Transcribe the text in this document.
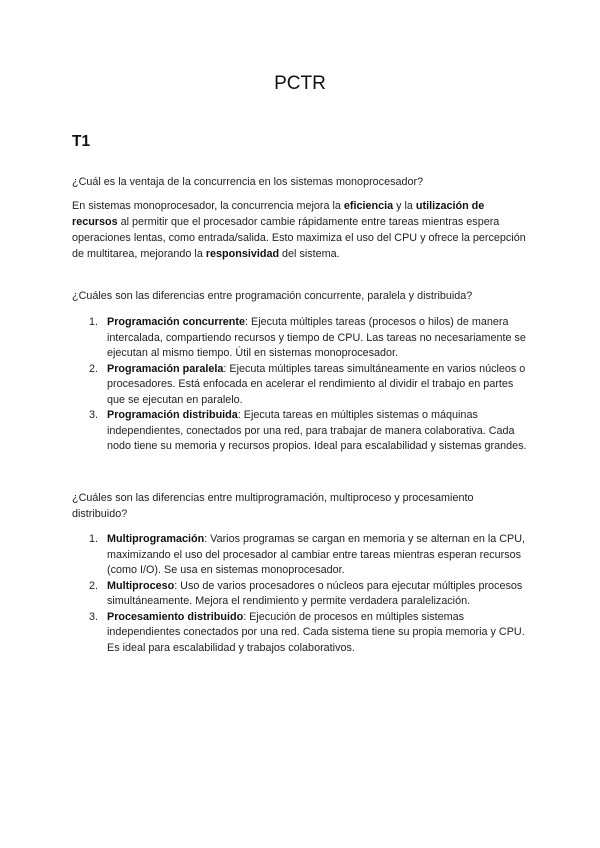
PCTR
T1
¿Cuál es la ventaja de la concurrencia en los sistemas monoprocesador?
En sistemas monoprocesador, la concurrencia mejora la eficiencia y la utilización de recursos al permitir que el procesador cambie rápidamente entre tareas mientras espera operaciones lentas, como entrada/salida. Esto maximiza el uso del CPU y ofrece la percepción de multitarea, mejorando la responsividad del sistema.
¿Cuáles son las diferencias entre programación concurrente, paralela y distribuida?
1. Programación concurrente: Ejecuta múltiples tareas (procesos o hilos) de manera intercalada, compartiendo recursos y tiempo de CPU. Las tareas no necesariamente se ejecutan al mismo tiempo. Útil en sistemas monoprocesador.
2. Programación paralela: Ejecuta múltiples tareas simultáneamente en varios núcleos o procesadores. Está enfocada en acelerar el rendimiento al dividir el trabajo en partes que se ejecutan en paralelo.
3. Programación distribuida: Ejecuta tareas en múltiples sistemas o máquinas independientes, conectados por una red, para trabajar de manera colaborativa. Cada nodo tiene su memoria y recursos propios. Ideal para escalabilidad y sistemas grandes.
¿Cuáles son las diferencias entre multiprogramación, multiproceso y procesamiento distribuido?
1. Multiprogramación: Varios programas se cargan en memoria y se alternan en la CPU, maximizando el uso del procesador al cambiar entre tareas mientras esperan recursos (como I/O). Se usa en sistemas monoprocesador.
2. Multiproceso: Uso de varios procesadores o núcleos para ejecutar múltiples procesos simultáneamente. Mejora el rendimiento y permite verdadera paralelización.
3. Procesamiento distribuido: Ejecución de procesos en múltiples sistemas independientes conectados por una red. Cada sistema tiene su propia memoria y CPU. Es ideal para escalabilidad y trabajos colaborativos.
